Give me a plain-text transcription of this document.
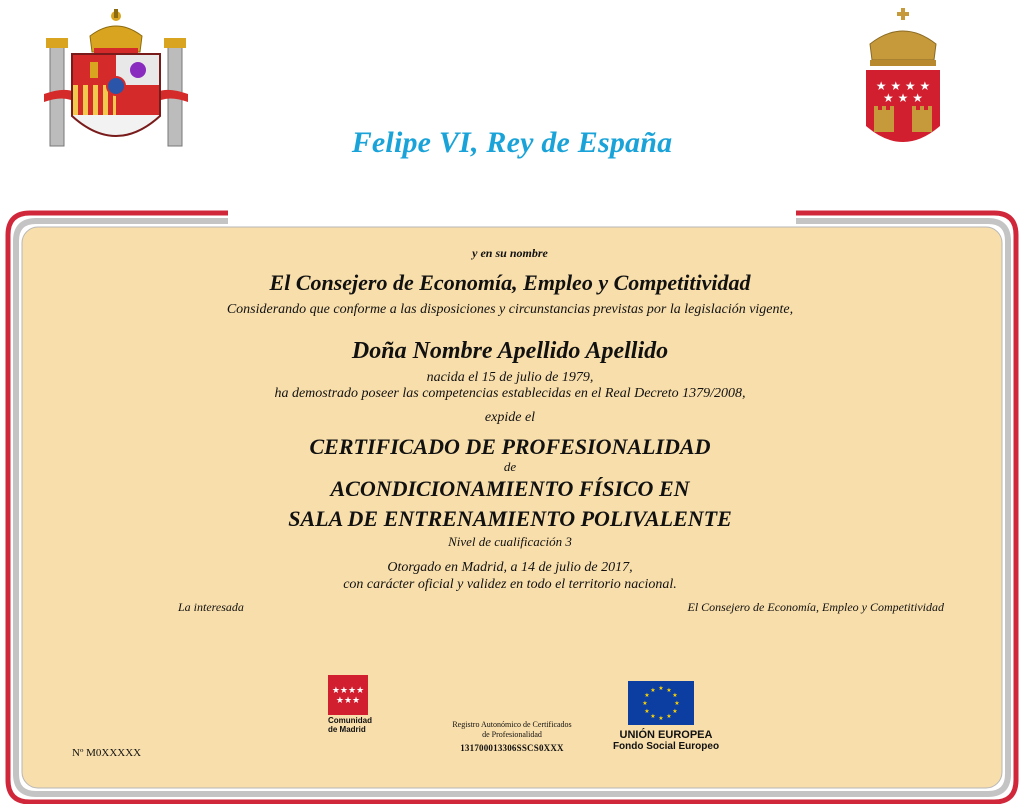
★ ★ ★ ★
★ ★ ★
Felipe VI, Rey de España
y en su nombre
El Consejero de Economía, Empleo y Competitividad
Considerando que conforme a las disposiciones y circunstancias previstas por la legislación vigente,
Doña Nombre Apellido Apellido
nacida el 15 de julio de 1979,
ha demostrado poseer las competencias establecidas en el Real Decreto 1379/2008,
expide el
CERTIFICADO DE PROFESIONALIDAD
de
ACONDICIONAMIENTO FÍSICO EN
SALA DE ENTRENAMIENTO POLIVALENTE
Nivel de cualificación 3
Otorgado en Madrid, a 14 de julio de 2017,
con carácter oficial y validez en todo el territorio nacional.
La interesada	El Consejero de Economía, Empleo y Competitividad
★★★★
★★★
Comunidad
de Madrid
Registro Autonómico de Certificados
de Profesionalidad
131700013306SSCS0XXX
★ ★
★
★
★
★
★
★
★
★
★
★
UNIÓN EUROPEA
Fondo Social Europeo
Nº M0XXXXX
